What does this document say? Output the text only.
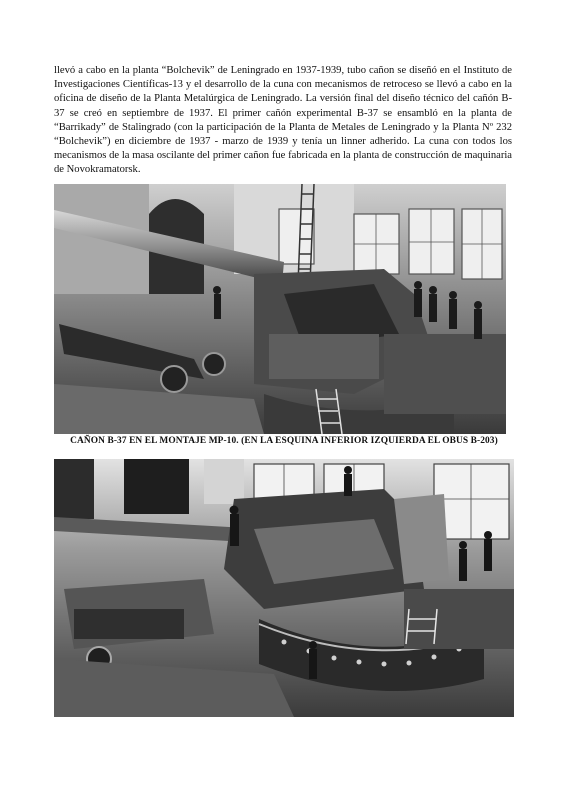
llevó a cabo en la planta “Bolchevik” de Leningrado en 1937-1939, tubo cañon se diseñó en el Instituto de Investigaciones Científicas-13 y el desarrollo de la cuna con mecanismos de retroceso se llevó a cabo en la oficina de diseño de la Planta Metalúrgica de Leningrado. La versión final del diseño técnico del cañón B-37 se creó en septiembre de 1937. El primer cañón experimental B-37 se ensambló en la planta de “Barrikady” de Stalingrado (con la participación de la Planta de Metales de Leningrado y la Planta Nº 232 “Bolchevik”) en diciembre de 1937 - marzo de 1939 y tenía un linner adherido. La cuna con todos los mecanismos de la masa oscilante del primer cañon fue fabricada en la planta de construcción de maquinaria de Novokramatorsk.

CAÑON B-37 EN EL MONTAJE MP-10. (EN LA ESQUINA INFERIOR IZQUIERDA EL OBUS B-203)
